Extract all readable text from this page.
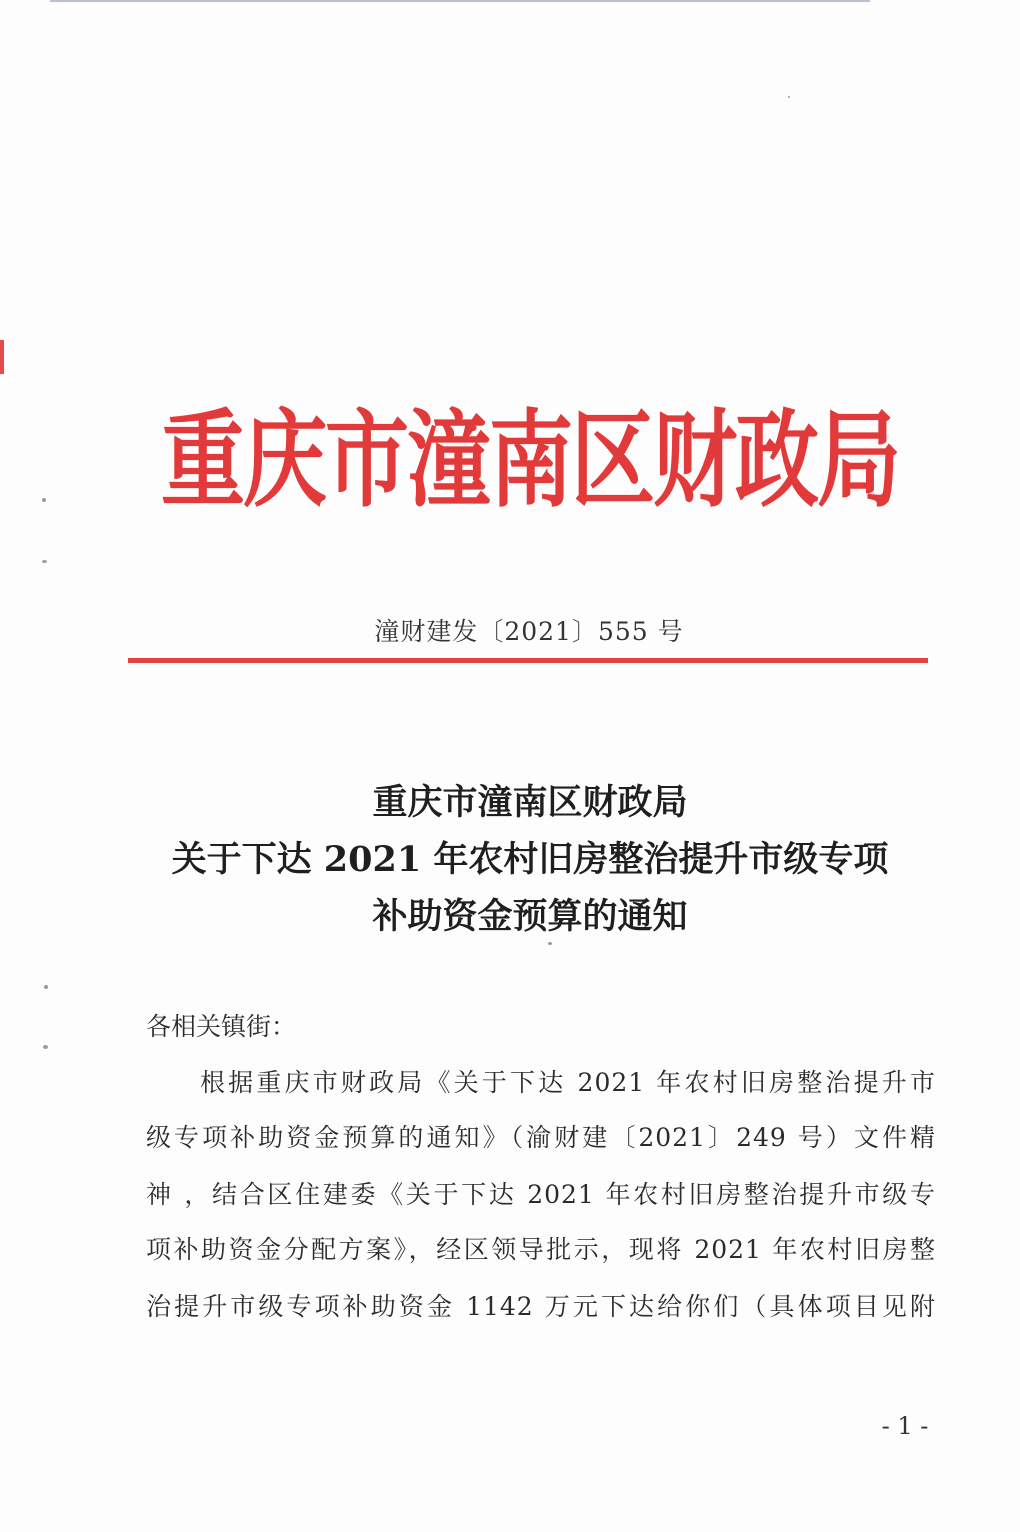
重庆市潼南区财政局
潼财建发〔2021〕555 号
重庆市潼南区财政局
关于下达 2021 年农村旧房整治提升市级专项
补助资金预算的通知
各相关镇街：
根据重庆市财政局《关于下达 2021 年农村旧房整治提升市
级专项补助资金预算的通知》（渝财建〔2021〕249 号）文件精
神 ，结合区住建委《关于下达 2021 年农村旧房整治提升市级专
项补助资金分配方案》，经区领导批示，现将 2021 年农村旧房整
治提升市级专项补助资金 1142 万元下达给你们（具体项目见附
- 1 -
